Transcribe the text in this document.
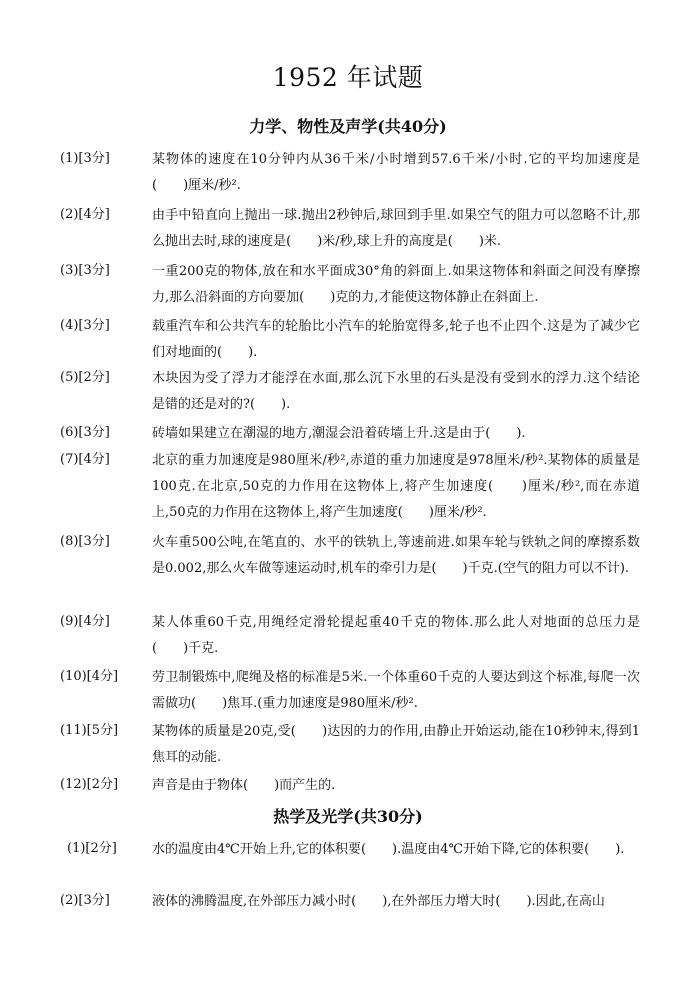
1952 年试题
力学、物性及声学(共40分)
(1)[3分]	某物体的速度在10分钟内从36千米/小时增到57.6千米/小时.它的平均加速度是(　　)厘米/秒².
(2)[4分]	由手中铅直向上抛出一球.抛出2秒钟后,球回到手里.如果空气的阻力可以忽略不计,那么抛出去时,球的速度是(　　)米/秒,球上升的高度是(　　)米.
(3)[3分]	一重200克的物体,放在和水平面成30°角的斜面上.如果这物体和斜面之间没有摩擦力,那么沿斜面的方向要加(　　)克的力,才能使这物体静止在斜面上.
(4)[3分]	载重汽车和公共汽车的轮胎比小汽车的轮胎宽得多,轮子也不止四个.这是为了减少它们对地面的(　　).
(5)[2分]	木块因为受了浮力才能浮在水面,那么沉下水里的石头是没有受到水的浮力.这个结论是错的还是对的?(　　).
(6)[3分]	砖墙如果建立在潮湿的地方,潮湿会沿着砖墙上升.这是由于(　　).
(7)[4分]	北京的重力加速度是980厘米/秒²,赤道的重力加速度是978厘米/秒².某物体的质量是100克.在北京,50克的力作用在这物体上,将产生加速度(　　)厘米/秒²,而在赤道上,50克的力作用在这物体上,将产生加速度(　　)厘米/秒².
(8)[3分]	火车重500公吨,在笔直的、水平的铁轨上,等速前进.如果车轮与铁轨之间的摩擦系数是0.002,那么火车做等速运动时,机车的牵引力是(　　)千克.(空气的阻力可以不计).
(9)[4分]	某人体重60千克,用绳经定滑轮提起重40千克的物体.那么此人对地面的总压力是(　　)千克.
(10)[4分]	劳卫制锻炼中,爬绳及格的标准是5米.一个体重60千克的人要达到这个标准,每爬一次需做功(　　)焦耳.(重力加速度是980厘米/秒².
(11)[5分]	某物体的质量是20克,受(　　)达因的力的作用,由静止开始运动,能在10秒钟末,得到1焦耳的动能.
(12)[2分]	声音是由于物体(　　)而产生的.
热学及光学(共30分)
(1)[2分]	水的温度由4℃开始上升,它的体积要(　　).温度由4℃开始下降,它的体积要(　　).
(2)[3分]	液体的沸腾温度,在外部压力减小时(　　),在外部压力增大时(　　).因此,在高山
